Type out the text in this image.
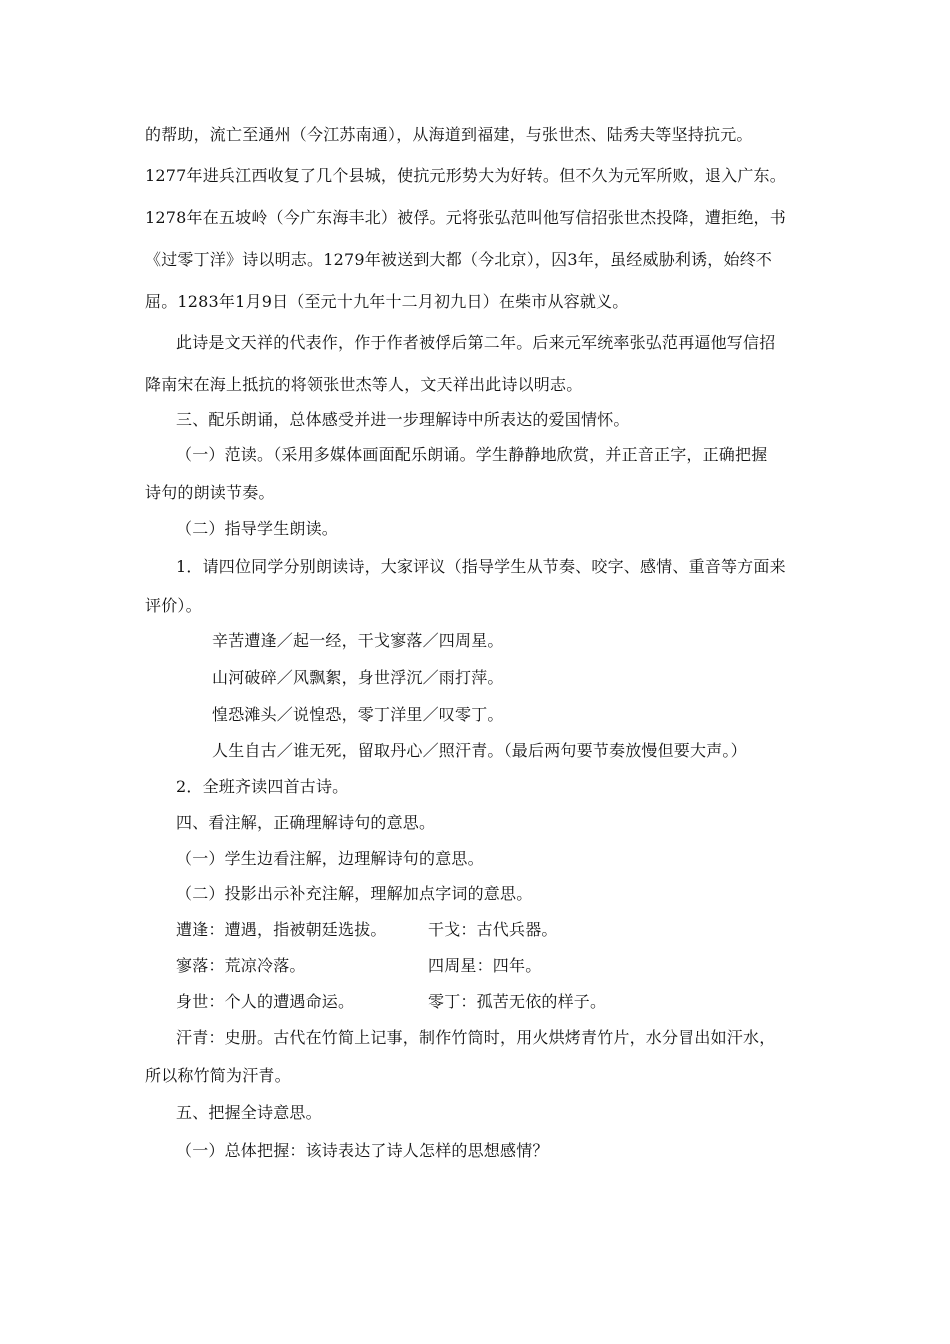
的帮助，流亡至通州（今江苏南通），从海道到福建，与张世杰、陆秀夫等坚持抗元。
1277年进兵江西收复了几个县城，使抗元形势大为好转。但不久为元军所败，退入广东。
1278年在五坡岭（今广东海丰北）被俘。元将张弘范叫他写信招张世杰投降，遭拒绝，书
《过零丁洋》诗以明志。1279年被送到大都（今北京），囚3年，虽经威胁利诱，始终不
屈。1283年1月9日（至元十九年十二月初九日）在柴市从容就义。
此诗是文天祥的代表作，作于作者被俘后第二年。后来元军统率张弘范再逼他写信招
降南宋在海上抵抗的将领张世杰等人，文天祥出此诗以明志。
三、配乐朗诵，总体感受并进一步理解诗中所表达的爱国情怀。
（一）范读。（采用多媒体画面配乐朗诵。学生静静地欣赏，并正音正字，正确把握
诗句的朗读节奏。
（二）指导学生朗读。
1．请四位同学分别朗读诗，大家评议（指导学生从节奏、咬字、感情、重音等方面来
评价）。
辛苦遭逢／起一经，干戈寥落／四周星。
山河破碎／风飘絮，身世浮沉／雨打萍。
惶恐滩头／说惶恐，零丁洋里／叹零丁。
人生自古／谁无死，留取丹心／照汗青。（最后两句要节奏放慢但要大声。）
2．全班齐读四首古诗。
四、看注解，正确理解诗句的意思。
（一）学生边看注解，边理解诗句的意思。
（二）投影出示补充注解，理解加点字词的意思。
遭逢：遭遇，指被朝廷选拔。	干戈：古代兵器。
寥落：荒凉冷落。	四周星：四年。
身世：个人的遭遇命运。	零丁：孤苦无依的样子。
汗青：史册。古代在竹简上记事，制作竹筒时，用火烘烤青竹片，水分冒出如汗水，
所以称竹简为汗青。
五、把握全诗意思。
（一）总体把握：该诗表达了诗人怎样的思想感情？
